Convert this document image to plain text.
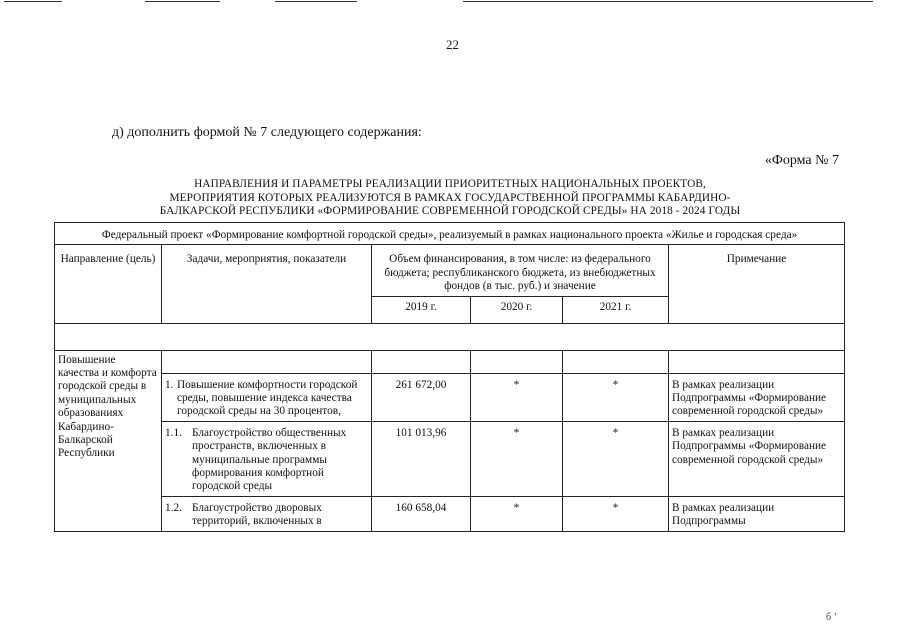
22
д) дополнить формой № 7 следующего содержания:
«Форма № 7
НАПРАВЛЕНИЯ И ПАРАМЕТРЫ РЕАЛИЗАЦИИ ПРИОРИТЕТНЫХ НАЦИОНАЛЬНЫХ ПРОЕКТОВ,
МЕРОПРИЯТИЯ КОТОРЫХ РЕАЛИЗУЮТСЯ В РАМКАХ ГОСУДАРСТВЕННОЙ ПРОГРАММЫ КАБАРДИНО-
БАЛКАРСКОЙ РЕСПУБЛИКИ «ФОРМИРОВАНИЕ СОВРЕМЕННОЙ ГОРОДСКОЙ СРЕДЫ» НА 2018 - 2024 ГОДЫ
Федеральный проект «Формирование комфортной городской среды», реализуемый в рамках национального проекта «Жилье и городская среда»					
Направление (цель)	Задачи, мероприятия, показатели	Объем финансирования, в том числе: из федерального бюджета; республиканского бюджета, из внебюджетных фондов (в тыс. руб.) и значение			Примечание
		2019 г.	2020 г.	2021 г.	

Повышение качества и комфорта городской среды в муниципальных образованиях Кабардино-Балкарской Республики					

	1. Повышение комфортности городской среды, повышение индекса качества городской среды на 30 процентов,	261 672,00	*	*	В рамках реализации Подпрограммы «Формирование современной городской среды»

	1.1. Благоустройство общественных пространств, включенных в муниципальные программы формирования комфортной городской среды	101 013,96	*	*	В рамках реализации Подпрограммы «Формирование современной городской среды»

	1.2. Благоустройство дворовых территорий, включенных в	160 658,04	*	*	В рамках реализации Подпрограммы
б ’
